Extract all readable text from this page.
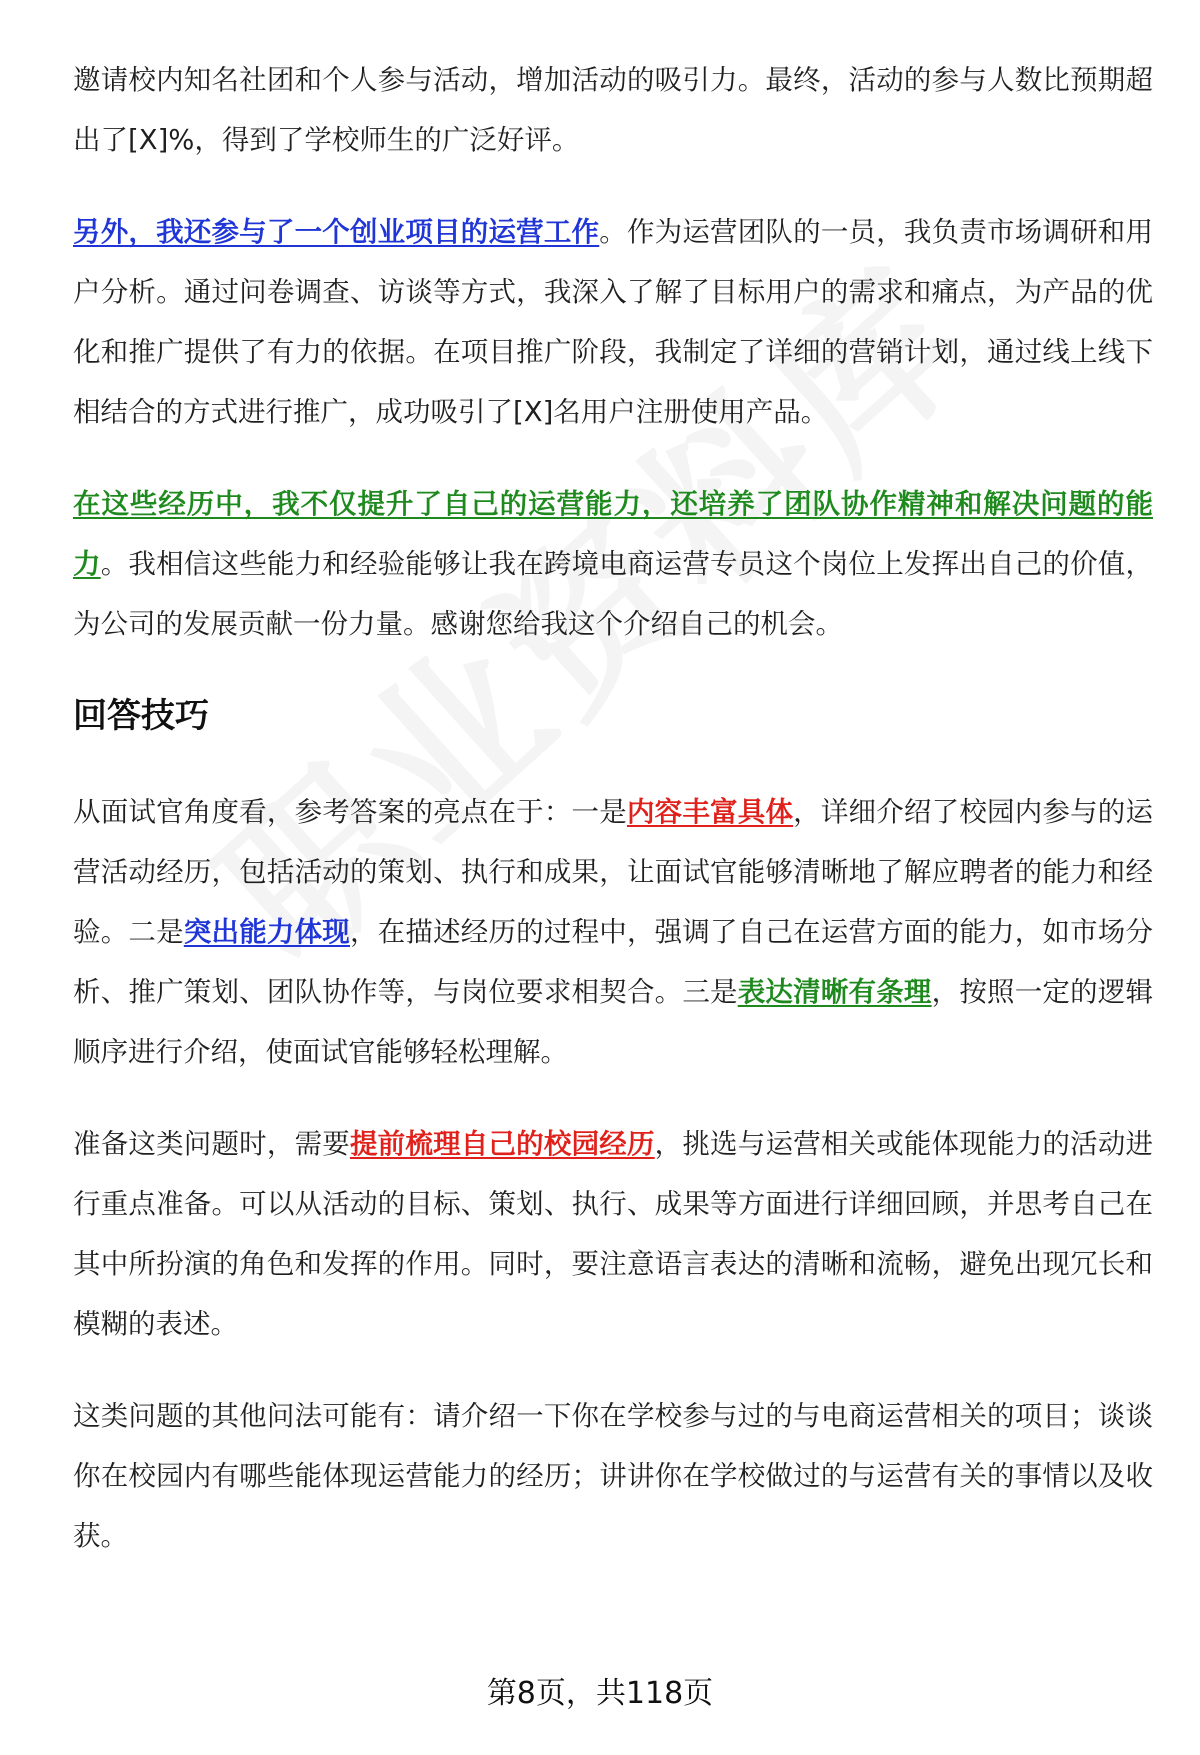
邀请校内知名社团和个人参与活动，增加活动的吸引力。最终，活动的参与人数比预期超出了[X]%，得到了学校师生的广泛好评。

另外，我还参与了一个创业项目的运营工作。作为运营团队的一员，我负责市场调研和用户分析。通过问卷调查、访谈等方式，我深入了解了目标用户的需求和痛点，为产品的优化和推广提供了有力的依据。在项目推广阶段，我制定了详细的营销计划，通过线上线下相结合的方式进行推广，成功吸引了[X]名用户注册使用产品。

在这些经历中，我不仅提升了自己的运营能力，还培养了团队协作精神和解决问题的能力。我相信这些能力和经验能够让我在跨境电商运营专员这个岗位上发挥出自己的价值，为公司的发展贡献一份力量。感谢您给我这个介绍自己的机会。

回答技巧

从面试官角度看，参考答案的亮点在于：一是内容丰富具体，详细介绍了校园内参与的运营活动经历，包括活动的策划、执行和成果，让面试官能够清晰地了解应聘者的能力和经验。二是突出能力体现，在描述经历的过程中，强调了自己在运营方面的能力，如市场分析、推广策划、团队协作等，与岗位要求相契合。三是表达清晰有条理，按照一定的逻辑顺序进行介绍，使面试官能够轻松理解。

准备这类问题时，需要提前梳理自己的校园经历，挑选与运营相关或能体现能力的活动进行重点准备。可以从活动的目标、策划、执行、成果等方面进行详细回顾，并思考自己在其中所扮演的角色和发挥的作用。同时，要注意语言表达的清晰和流畅，避免出现冗长和模糊的表述。

这类问题的其他问法可能有：请介绍一下你在学校参与过的与电商运营相关的项目；谈谈你在校园内有哪些能体现运营能力的经历；讲讲你在学校做过的与运营有关的事情以及收获。

第8页，共118页
